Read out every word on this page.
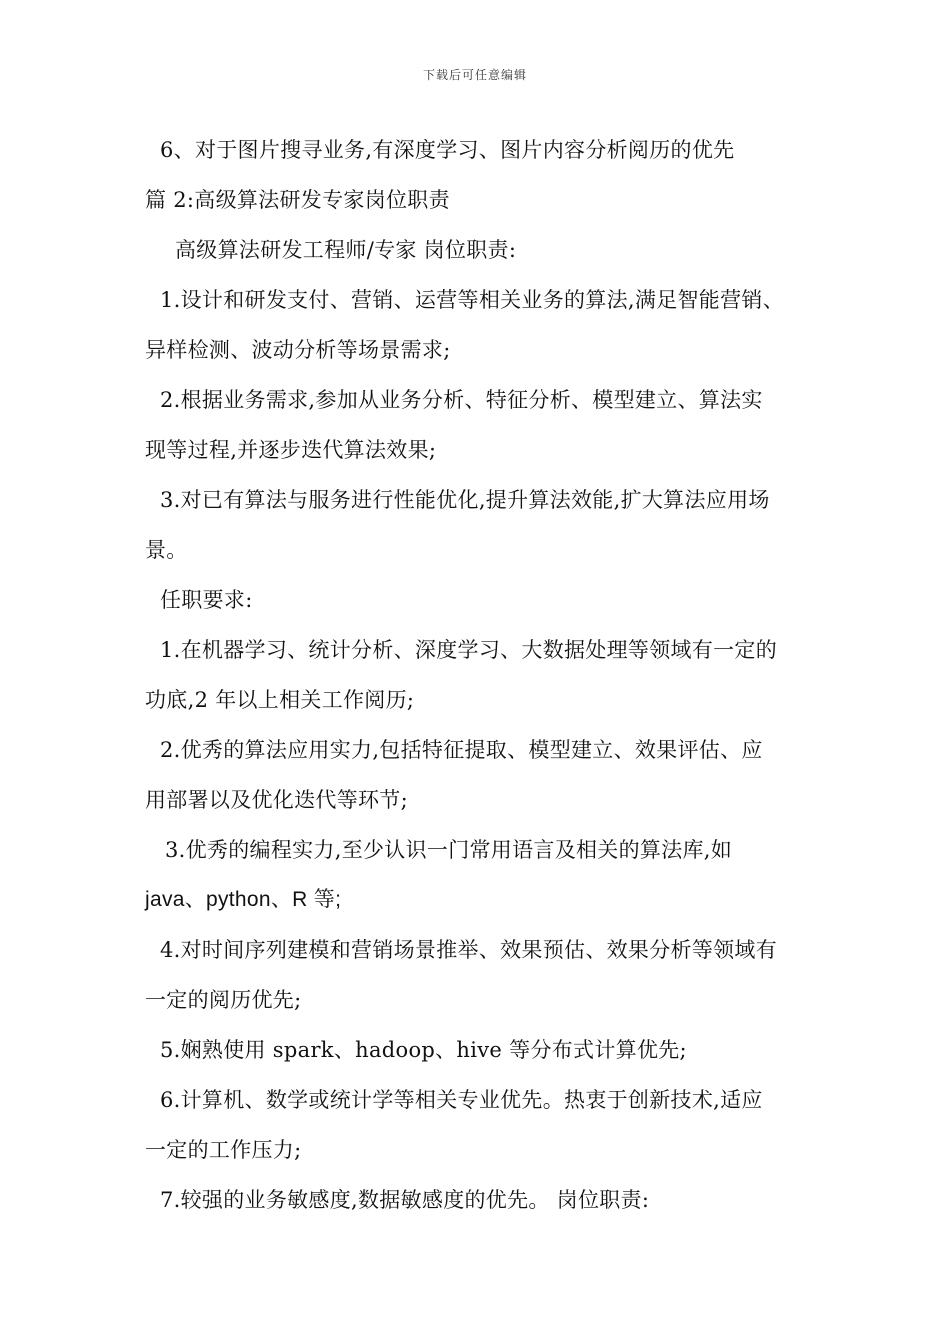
下载后可任意编辑
6、对于图片搜寻业务,有深度学习、图片内容分析阅历的优先
篇 2:高级算法研发专家岗位职责
高级算法研发工程师/专家 岗位职责:
1.设计和研发支付、营销、运营等相关业务的算法,满足智能营销、
异样检测、波动分析等场景需求;
2.根据业务需求,参加从业务分析、特征分析、模型建立、算法实
现等过程,并逐步迭代算法效果;
3.对已有算法与服务进行性能优化,提升算法效能,扩大算法应用场
景。
任职要求:
1.在机器学习、统计分析、深度学习、大数据处理等领域有一定的
功底,2 年以上相关工作阅历;
2.优秀的算法应用实力,包括特征提取、模型建立、效果评估、应
用部署以及优化迭代等环节;
3.优秀的编程实力,至少认识一门常用语言及相关的算法库,如
java、python、R 等;
4.对时间序列建模和营销场景推举、效果预估、效果分析等领域有
一定的阅历优先;
5.娴熟使用 spark、hadoop、hive 等分布式计算优先;
6.计算机、数学或统计学等相关专业优先。热衷于创新技术,适应
一定的工作压力;
7.较强的业务敏感度,数据敏感度的优先。 岗位职责:
